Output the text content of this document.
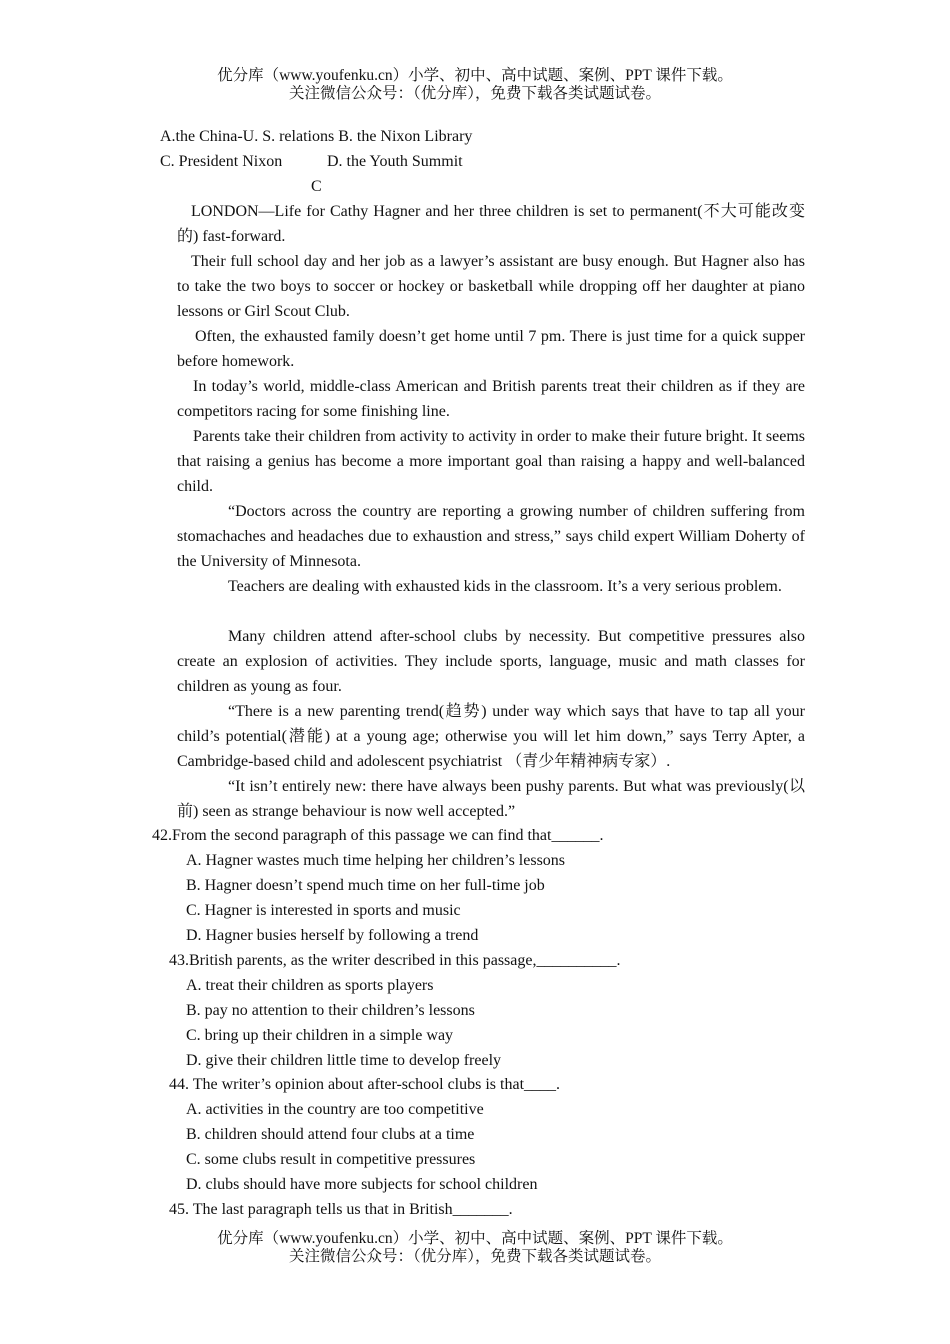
优分库（www.youfenku.cn）小学、初中、高中试题、案例、PPT 课件下载。
关注微信公众号：（优分库），免费下载各类试题试卷。
A.the China-U. S. relations B. the Nixon Library
C. President Nixon	D. the Youth Summit
C
LONDON—Life for Cathy Hagner and her three children is set to permanent(不大可能改变的) fast-forward.
Their full school day and her job as a lawyer’s assistant are busy enough. But Hagner also has to take the two boys to soccer or hockey or basketball while dropping off her daughter at piano lessons or Girl Scout Club.
Often, the exhausted family doesn’t get home until 7 pm. There is just time for a quick supper before homework.
In today’s world, middle-class American and British parents treat their children as if they are competitors racing for some finishing line.
Parents take their children from activity to activity in order to make their future bright. It seems that raising a genius has become a more important goal than raising a happy and well-balanced child.
“Doctors across the country are reporting a growing number of children suffering from stomachaches and headaches due to exhaustion and stress,” says child expert William Doherty of the University of Minnesota.
Teachers are dealing with exhausted kids in the classroom. It’s a very serious problem.
Many children attend after-school clubs by necessity. But competitive pressures also create an explosion of activities. They include sports, language, music and math classes for children as young as four.
“There is a new parenting trend(趋势) under way which says that have to tap all your child’s potential(潜能) at a young age; otherwise you will let him down,” says Terry Apter, a Cambridge-based child and adolescent psychiatrist （青少年精神病专家）.
“It isn’t entirely new: there have always been pushy parents. But what was previously(以前) seen as strange behaviour is now well accepted.”
42.From the second paragraph of this passage we can find that______.
A. Hagner wastes much time helping her children’s lessons
B. Hagner doesn’t spend much time on her full-time job
C. Hagner is interested in sports and music
D. Hagner busies herself by following a trend
43.British parents, as the writer described in this passage,__________.
A. treat their children as sports players
B. pay no attention to their children’s lessons
C. bring up their children in a simple way
D. give their children little time to develop freely
44. The writer’s opinion about after-school clubs is that____.
A. activities in the country are too competitive
B. children should attend four clubs at a time
C. some clubs result in competitive pressures
D. clubs should have more subjects for school children
45. The last paragraph tells us that in British_______.
优分库（www.youfenku.cn）小学、初中、高中试题、案例、PPT 课件下载。
关注微信公众号：（优分库），免费下载各类试题试卷。
